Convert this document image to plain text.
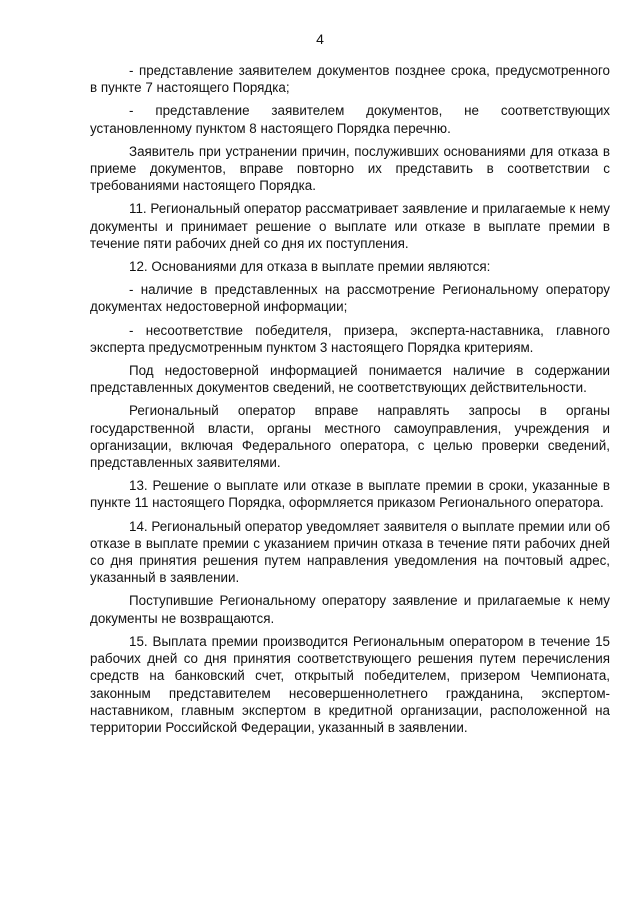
4

- представление заявителем документов позднее срока, предусмотренного в пункте 7 настоящего Порядка;

- представление заявителем документов, не соответствующих установленному пунктом 8 настоящего Порядка перечню.

Заявитель при устранении причин, послуживших основаниями для отказа в приеме документов, вправе повторно их представить в соответствии с требованиями настоящего Порядка.

11. Региональный оператор рассматривает заявление и прилагаемые к нему документы и принимает решение о выплате или отказе в выплате премии в течение пяти рабочих дней со дня их поступления.

12. Основаниями для отказа в выплате премии являются:

- наличие в представленных на рассмотрение Региональному оператору документах недостоверной информации;

- несоответствие победителя, призера, эксперта-наставника, главного эксперта предусмотренным пунктом 3 настоящего Порядка критериям.

Под недостоверной информацией понимается наличие в содержании представленных документов сведений, не соответствующих действительности.

Региональный оператор вправе направлять запросы в органы государственной власти, органы местного самоуправления, учреждения и организации, включая Федерального оператора, с целью проверки сведений, представленных заявителями.

13. Решение о выплате или отказе в выплате премии в сроки, указанные в пункте 11 настоящего Порядка, оформляется приказом Регионального оператора.

14. Региональный оператор уведомляет заявителя о выплате премии или об отказе в выплате премии с указанием причин отказа в течение пяти рабочих дней со дня принятия решения путем направления уведомления на почтовый адрес, указанный в заявлении.

Поступившие Региональному оператору заявление и прилагаемые к нему документы не возвращаются.

15. Выплата премии производится Региональным оператором в течение 15 рабочих дней со дня принятия соответствующего решения путем перечисления средств на банковский счет, открытый победителем, призером Чемпионата, законным представителем несовершеннолетнего гражданина, экспертом-наставником, главным экспертом в кредитной организации, расположенной на территории Российской Федерации, указанный в заявлении.
